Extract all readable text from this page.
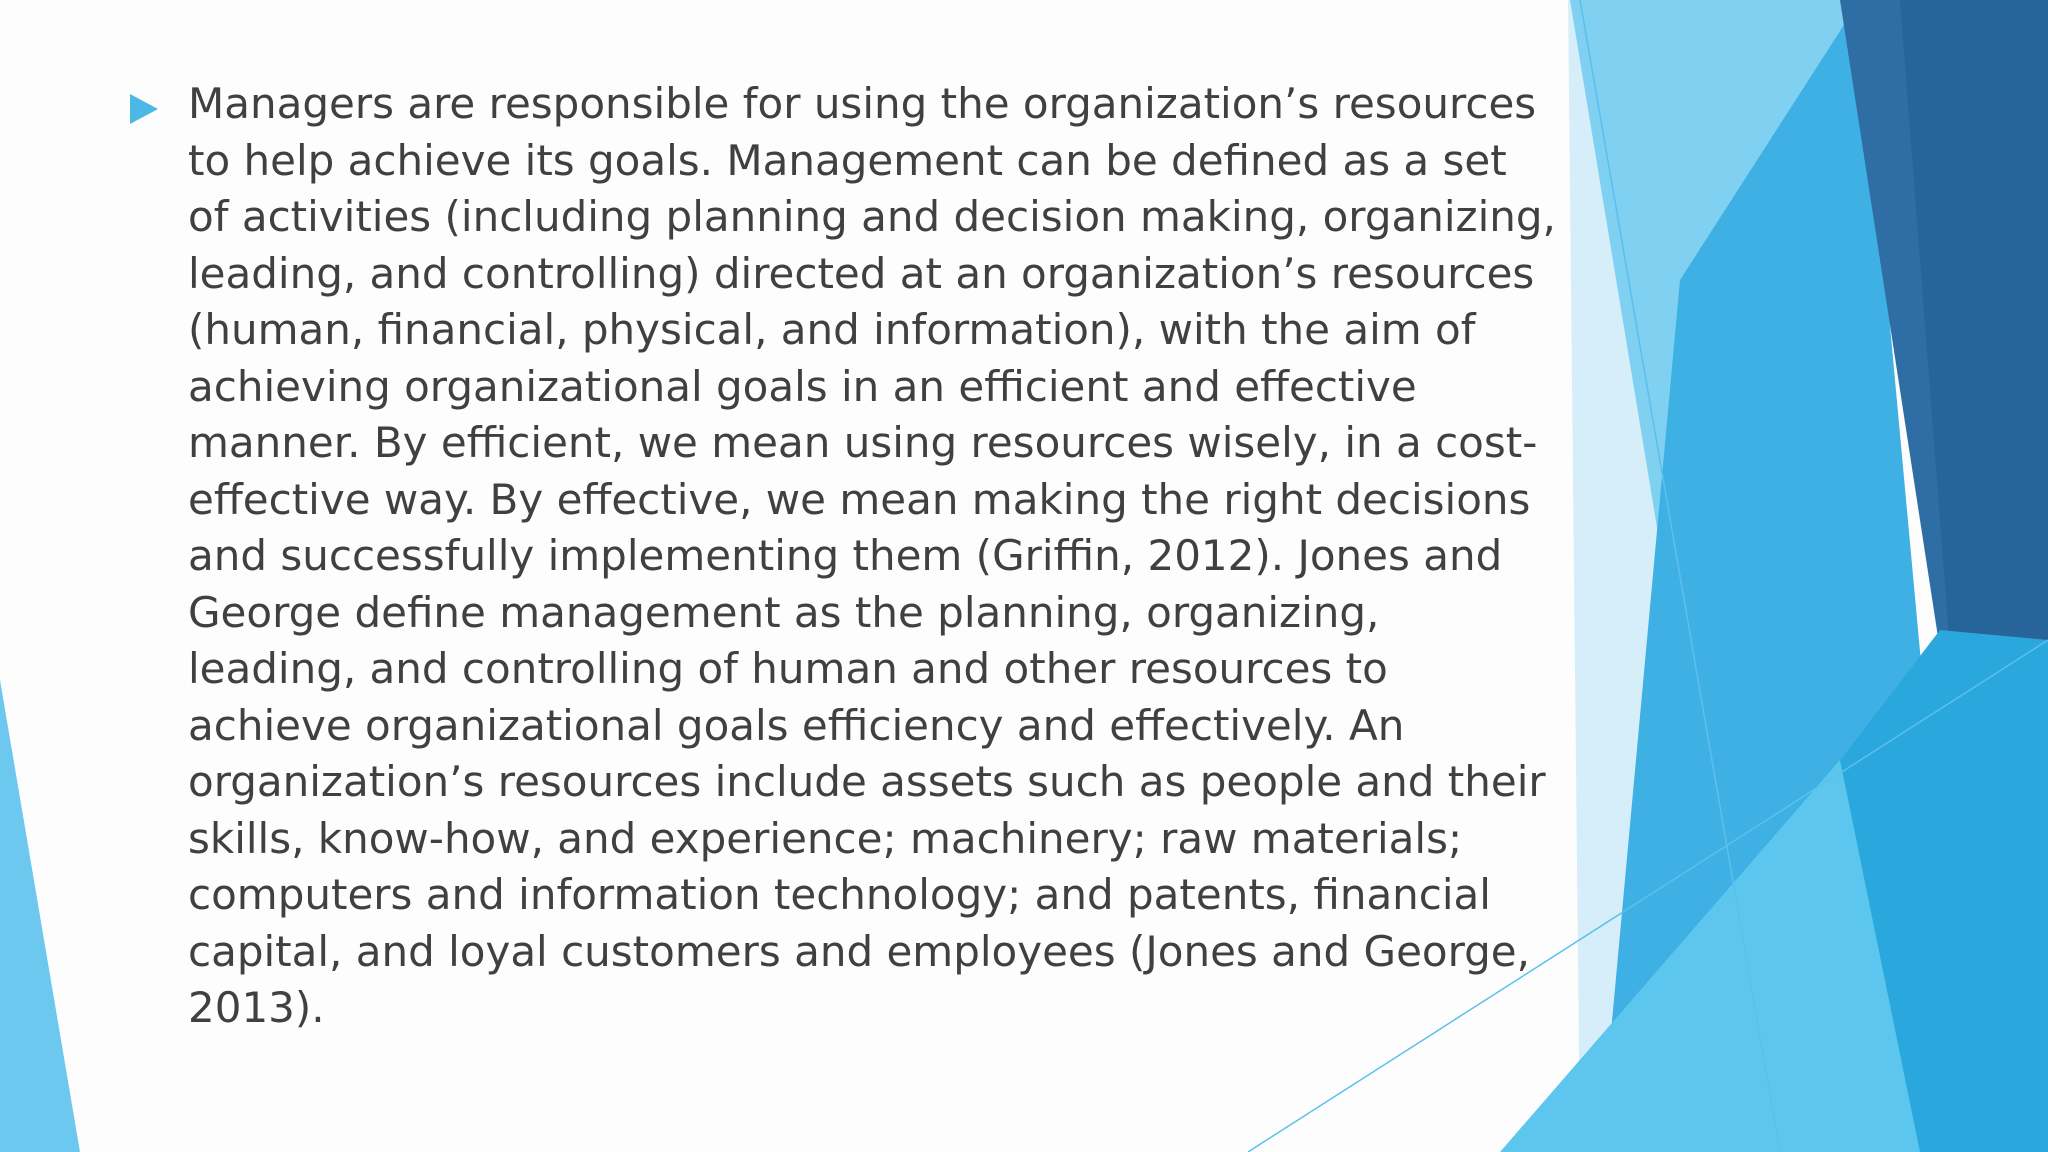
Managers are responsible for using the organization’s resources to help achieve its goals. Management can be defined as a set of activities (including planning and decision making, organizing, leading, and controlling) directed at an organization’s resources (human, financial, physical, and information), with the aim of achieving organizational goals in an efficient and effective manner. By efficient, we mean using resources wisely, in a cost-effective way. By effective, we mean making the right decisions and successfully implementing them (Griffin, 2012). Jones and George define management as the planning, organizing, leading, and controlling of human and other resources to achieve organizational goals efficiency and effectively. An organization’s resources include assets such as people and their skills, know-how, and experience; machinery; raw materials; computers and information technology; and patents, financial capital, and loyal customers and employees (Jones and George, 2013).
